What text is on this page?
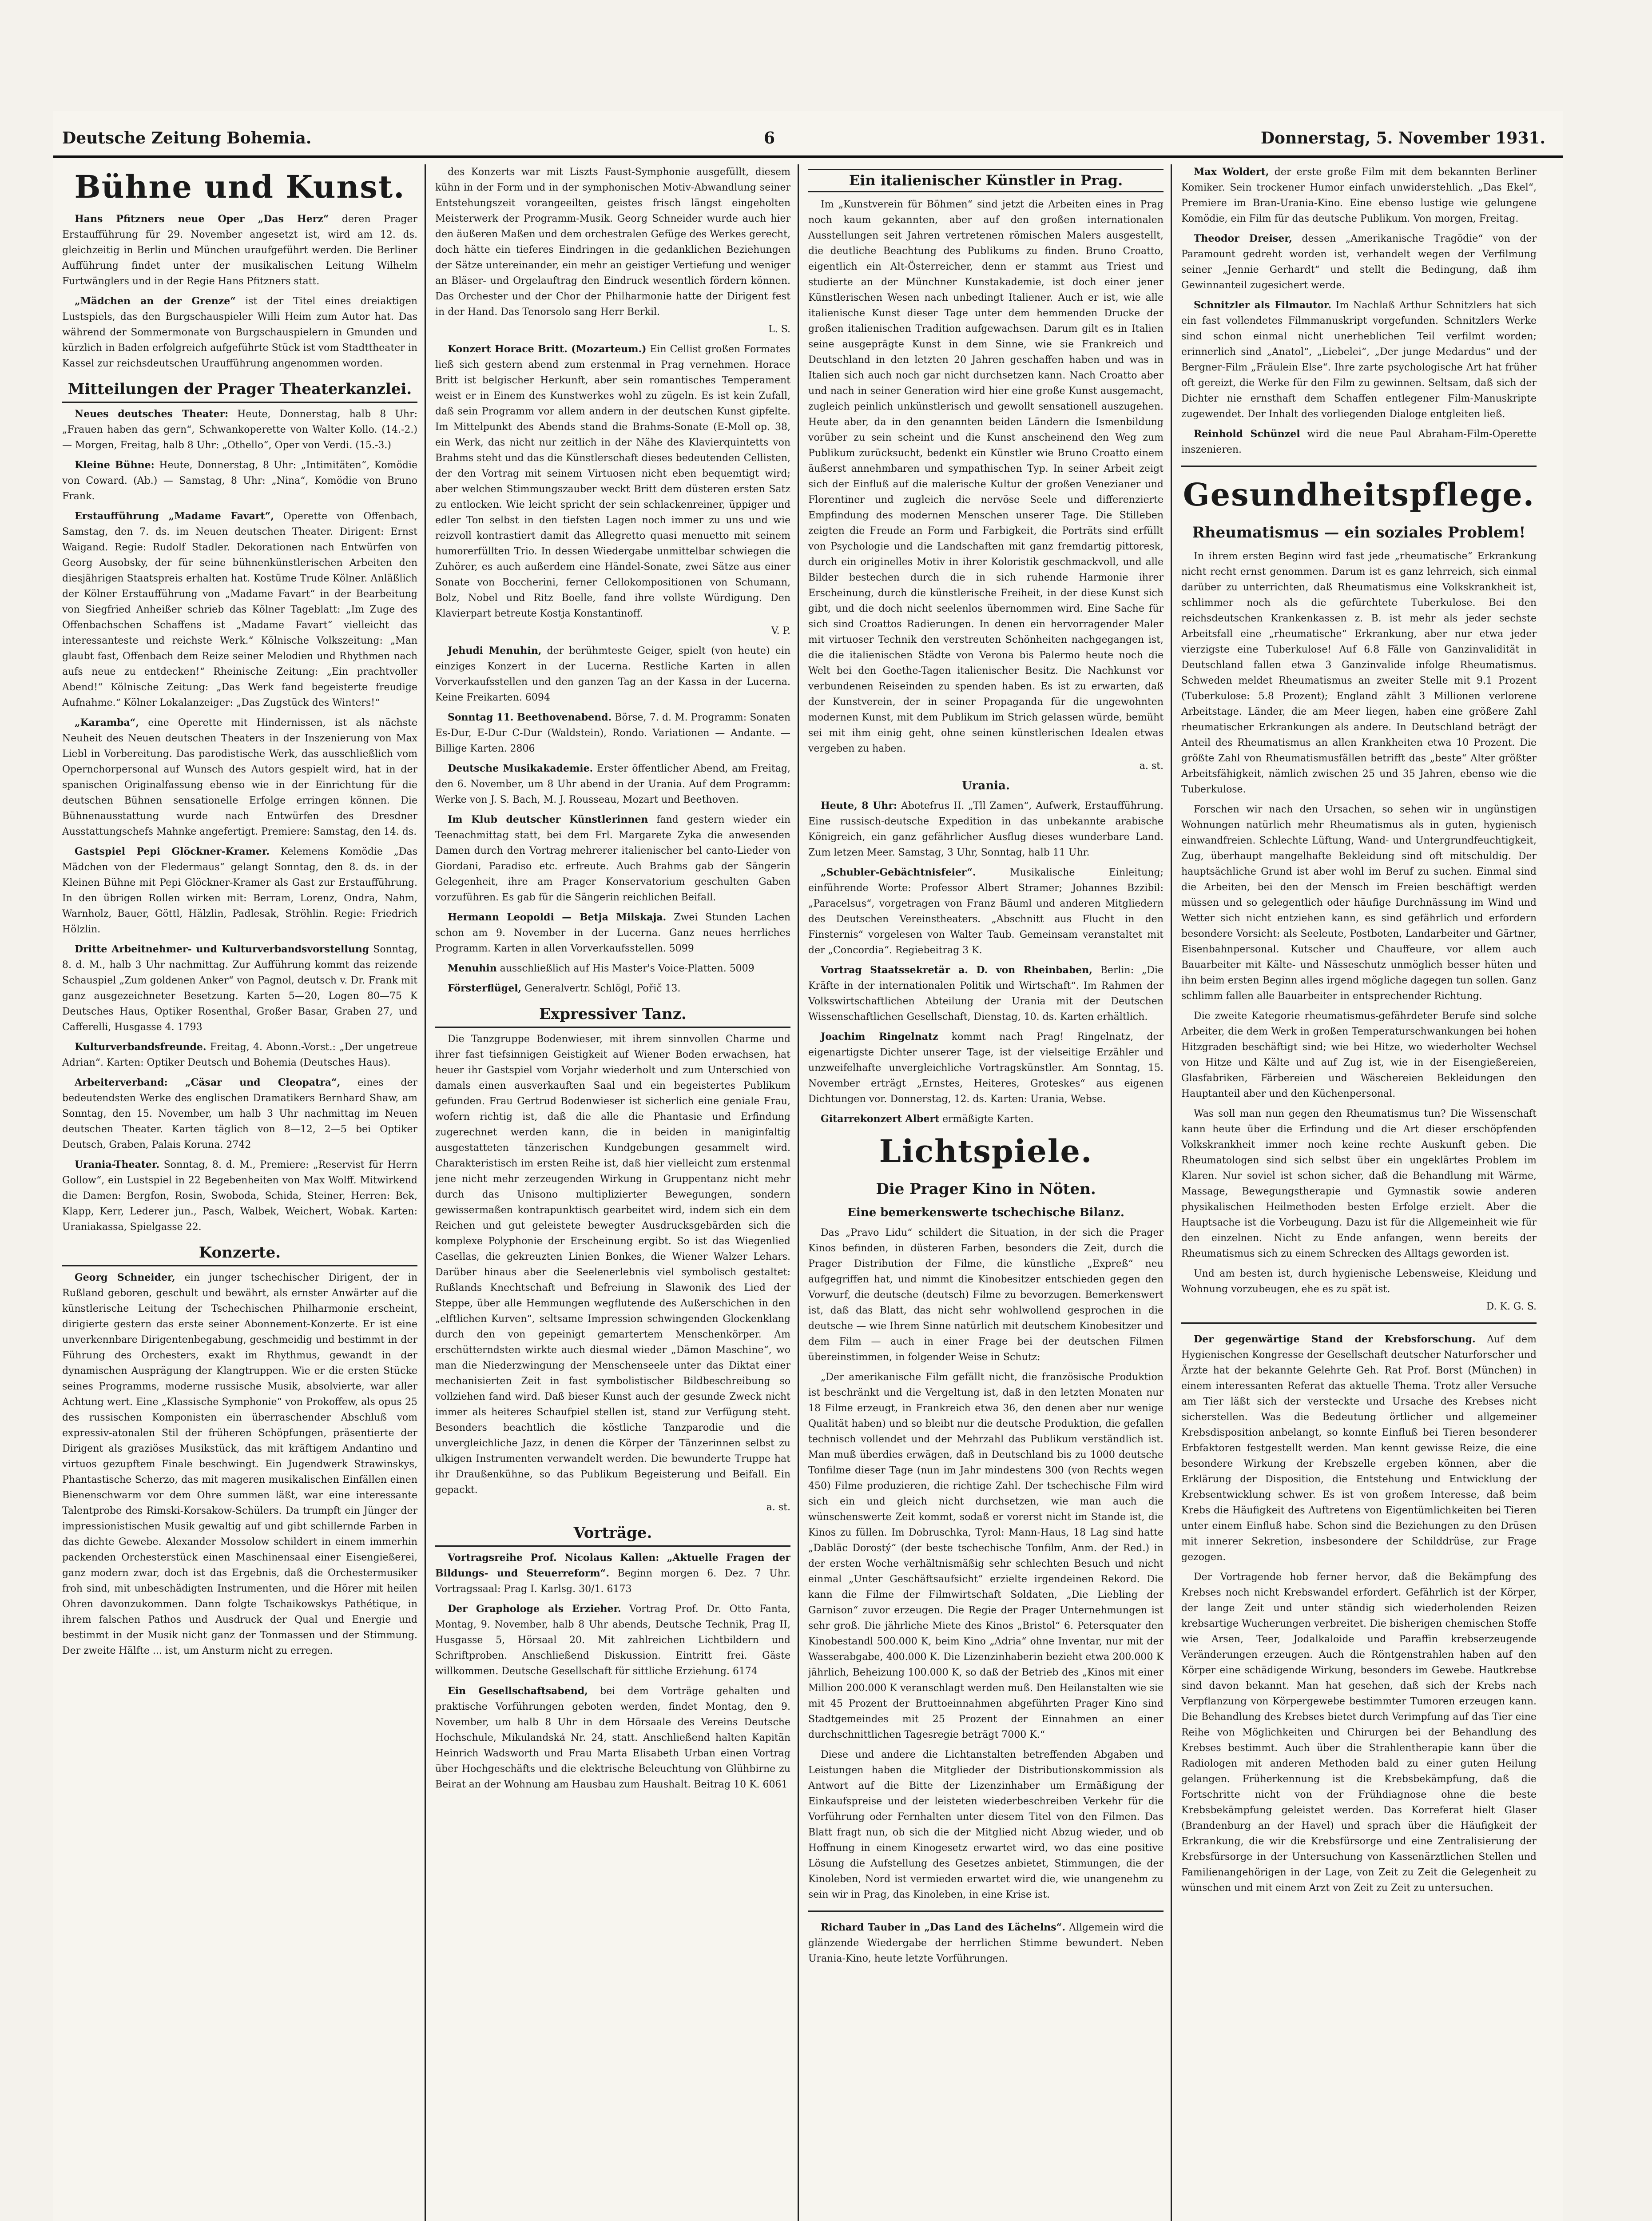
Deutsche Zeitung Bohemia.	6	Donnerstag, 5. November 1931.
Bühne und Kunst.

Hans Pfitzners neue Oper „Das Herz“ deren Prager Erstaufführung für 29. November angesetzt ist, wird am 12. ds. gleichzeitig in Berlin und München uraufgeführt werden. Die Berliner Aufführung findet unter der musikalischen Leitung Wilhelm Furtwänglers und in der Regie Hans Pfitzners statt.

„Mädchen an der Grenze“ ist der Titel eines dreiaktigen Lustspiels, das den Burgschauspieler Willi Heim zum Autor hat. Das während der Sommermonate von Burgschauspielern in Gmunden und kürzlich in Baden erfolgreich aufgeführte Stück ist vom Stadttheater in Kassel zur reichsdeutschen Uraufführung angenommen worden.

Mitteilungen der Prager Theaterkanzlei.

Neues deutsches Theater: Heute, Donnerstag, halb 8 Uhr: „Frauen haben das gern“, Schwankoperette von Walter Kollo. (14.-2.) — Morgen, Freitag, halb 8 Uhr: „Othello“, Oper von Verdi. (15.-3.)

Kleine Bühne: Heute, Donnerstag, 8 Uhr: „Intimitäten“, Komödie von Coward. (Ab.) — Samstag, 8 Uhr: „Nina“, Komödie von Bruno Frank.

Erstaufführung „Madame Favart“, Operette von Offenbach, Samstag, den 7. ds. im Neuen deutschen Theater. Dirigent: Ernst Waigand. Regie: Rudolf Stadler. Dekorationen nach Entwürfen von Georg Ausobsky, der für seine bühnenkünstlerischen Arbeiten den diesjährigen Staatspreis erhalten hat. Kostüme Trude Kölner. Anläßlich der Kölner Erstaufführung von „Madame Favart“ in der Bearbeitung von Siegfried Anheißer schrieb das Kölner Tageblatt: „Im Zuge des Offenbachschen Schaffens ist „Madame Favart“ vielleicht das interessanteste und reichste Werk.“ Kölnische Volkszeitung: „Man glaubt fast, Offenbach dem Reize seiner Melodien und Rhythmen nach aufs neue zu entdecken!“ Rheinische Zeitung: „Ein prachtvoller Abend!“ Kölnische Zeitung: „Das Werk fand begeisterte freudige Aufnahme.“ Kölner Lokalanzeiger: „Das Zugstück des Winters!“

„Karamba“, eine Operette mit Hindernissen, ist als nächste Neuheit des Neuen deutschen Theaters in der Inszenierung von Max Liebl in Vorbereitung. Das parodistische Werk, das ausschließlich vom Opernchorpersonal auf Wunsch des Autors gespielt wird, hat in der spanischen Originalfassung ebenso wie in der Einrichtung für die deutschen Bühnen sensationelle Erfolge erringen können. Die Bühnenausstattung wurde nach Entwürfen des Dresdner Ausstattungschefs Mahnke angefertigt. Premiere: Samstag, den 14. ds.

Gastspiel Pepi Glöckner-Kramer. Kelemens Komödie „Das Mädchen von der Fledermaus“ gelangt Sonntag, den 8. ds. in der Kleinen Bühne mit Pepi Glöckner-Kramer als Gast zur Erstaufführung. In den übrigen Rollen wirken mit: Berram, Lorenz, Ondra, Nahm, Warnholz, Bauer, Göttl, Hälzlin, Padlesak, Ströhlin. Regie: Friedrich Hölzlin.

Dritte Arbeitnehmer- und Kulturverbandsvorstellung Sonntag, 8. d. M., halb 3 Uhr nachmittag. Zur Aufführung kommt das reizende Schauspiel „Zum goldenen Anker“ von Pagnol, deutsch v. Dr. Frank mit ganz ausgezeichneter Besetzung. Karten 5—20, Logen 80—75 K Deutsches Haus, Optiker Rosenthal, Großer Basar, Graben 27, und Cafferelli, Husgasse 4. 1793

Kulturverbandsfreunde. Freitag, 4. Abonn.-Vorst.: „Der ungetreue Adrian“. Karten: Optiker Deutsch und Bohemia (Deutsches Haus).

Arbeiterverband: „Cäsar und Cleopatra“, eines der bedeutendsten Werke des englischen Dramatikers Bernhard Shaw, am Sonntag, den 15. November, um halb 3 Uhr nachmittag im Neuen deutschen Theater. Karten täglich von 8—12, 2—5 bei Optiker Deutsch, Graben, Palais Koruna. 2742

Urania-Theater. Sonntag, 8. d. M., Premiere: „Reservist für Herrn Gollow“, ein Lustspiel in 22 Begebenheiten von Max Wolff. Mitwirkend die Damen: Bergfon, Rosin, Swoboda, Schida, Steiner, Herren: Bek, Klapp, Kerr, Lederer jun., Pasch, Walbek, Weichert, Wobak. Karten: Uraniakassa, Spielgasse 22.

Konzerte.

Georg Schneider, ein junger tschechischer Dirigent, der in Rußland geboren, geschult und bewährt, als ernster Anwärter auf die künstlerische Leitung der Tschechischen Philharmonie erscheint, dirigierte gestern das erste seiner Abonnement-Konzerte. Er ist eine unverkennbare Dirigentenbegabung, geschmeidig und bestimmt in der Führung des Orchesters, exakt im Rhythmus, gewandt in der dynamischen Ausprägung der Klangtruppen. Wie er die ersten Stücke seines Programms, moderne russische Musik, absolvierte, war aller Achtung wert. Eine „Klassische Symphonie“ von Prokoffew, als opus 25 des russischen Komponisten ein überraschender Abschluß vom expressiv-atonalen Stil der früheren Schöpfungen, präsentierte der Dirigent als graziöses Musikstück, das mit kräftigem Andantino und virtuos gezupftem Finale beschwingt. Ein Jugendwerk Strawinskys, Phantastische Scherzo, das mit mageren musikalischen Einfällen einen Bienenschwarm vor dem Ohre summen läßt, war eine interessante Talentprobe des Rimski-Korsakow-Schülers. Da trumpft ein Jünger der impressionistischen Musik gewaltig auf und gibt schillernde Farben in das dichte Gewebe. Alexander Mossolow schildert in einem immerhin packenden Orchesterstück einen Maschinensaal einer Eisengießerei, ganz modern zwar, doch ist das Ergebnis, daß die Orchestermusiker froh sind, mit unbeschädigten Instrumenten, und die Hörer mit heilen Ohren davonzukommen. Dann folgte Tschaikowskys Pathétique, in ihrem falschen Pathos und Ausdruck der Qual und Energie und bestimmt in der Musik nicht ganz der Tonmassen und der Stimmung. Der zweite Hälfte ... ist, um Ansturm nicht zu erregen.

des Konzerts war mit Liszts Faust-Symphonie ausgefüllt, diesem kühn in der Form und in der symphonischen Motiv-Abwandlung seiner Entstehungszeit vorangeeilten, geistes frisch längst eingeholten Meisterwerk der Programm-Musik. Georg Schneider wurde auch hier den äußeren Maßen und dem orchestralen Gefüge des Werkes gerecht, doch hätte ein tieferes Eindringen in die gedanklichen Beziehungen der Sätze untereinander, ein mehr an geistiger Vertiefung und weniger an Bläser- und Orgelauftrag den Eindruck wesentlich fördern können. Das Orchester und der Chor der Philharmonie hatte der Dirigent fest in der Hand. Das Tenorsolo sang Herr Berkil.

L. S.

Konzert Horace Britt. (Mozarteum.) Ein Cellist großen Formates ließ sich gestern abend zum erstenmal in Prag vernehmen. Horace Britt ist belgischer Herkunft, aber sein romantisches Temperament weist er in Einem des Kunstwerkes wohl zu zügeln. Es ist kein Zufall, daß sein Programm vor allem andern in der deutschen Kunst gipfelte. Im Mittelpunkt des Abends stand die Brahms-Sonate (E-Moll op. 38, ein Werk, das nicht nur zeitlich in der Nähe des Klavierquintetts von Brahms steht und das die Künstlerschaft dieses bedeutenden Cellisten, der den Vortrag mit seinem Virtuosen nicht eben bequemtigt wird; aber welchen Stimmungszauber weckt Britt dem düsteren ersten Satz zu entlocken. Wie leicht spricht der sein schlackenreiner, üppiger und edler Ton selbst in den tiefsten Lagen noch immer zu uns und wie reizvoll kontrastiert damit das Allegretto quasi menuetto mit seinem humorerfüllten Trio. In dessen Wiedergabe unmittelbar schwiegen die Zuhörer, es auch außerdem eine Händel-Sonate, zwei Sätze aus einer Sonate von Boccherini, ferner Cellokompositionen von Schumann, Bolz, Nobel und Ritz Boelle, fand ihre vollste Würdigung. Den Klavierpart betreute Kostja Konstantinoff.

V. P.

Jehudi Menuhin, der berühmteste Geiger, spielt (von heute) ein einziges Konzert in der Lucerna. Restliche Karten in allen Vorverkaufsstellen und den ganzen Tag an der Kassa in der Lucerna. Keine Freikarten. 6094

Sonntag 11. Beethovenabend. Börse, 7. d. M. Programm: Sonaten Es-Dur, E-Dur C-Dur (Waldstein), Rondo. Variationen — Andante. — Billige Karten. 2806

Deutsche Musikakademie. Erster öffentlicher Abend, am Freitag, den 6. November, um 8 Uhr abend in der Urania. Auf dem Programm: Werke von J. S. Bach, M. J. Rousseau, Mozart und Beethoven.

Im Klub deutscher Künstlerinnen fand gestern wieder ein Teenachmittag statt, bei dem Frl. Margarete Zyka die anwesenden Damen durch den Vortrag mehrerer italienischer bel canto-Lieder von Giordani, Paradiso etc. erfreute. Auch Brahms gab der Sängerin Gelegenheit, ihre am Prager Konservatorium geschulten Gaben vorzuführen. Es gab für die Sängerin reichlichen Beifall.

Hermann Leopoldi — Betja Milskaja. Zwei Stunden Lachen schon am 9. November in der Lucerna. Ganz neues herrliches Programm. Karten in allen Vorverkaufsstellen. 5099

Menuhin ausschließlich auf His Master's Voice-Platten. 5009

Försterflügel, Generalvertr. Schlögl, Pořič 13.

Expressiver Tanz.

Die Tanzgruppe Bodenwieser, mit ihrem sinnvollen Charme und ihrer fast tiefsinnigen Geistigkeit auf Wiener Boden erwachsen, hat heuer ihr Gastspiel vom Vorjahr wiederholt und zum Unterschied von damals einen ausverkauften Saal und ein begeistertes Publikum gefunden. Frau Gertrud Bodenwieser ist sicherlich eine geniale Frau, wofern richtig ist, daß die alle die Phantasie und Erfindung zugerechnet werden kann, die in beiden in maniginfaltig ausgestatteten tänzerischen Kundgebungen gesammelt wird. Charakteristisch im ersten Reihe ist, daß hier vielleicht zum erstenmal jene nicht mehr zerzeugenden Wirkung in Gruppentanz nicht mehr durch das Unisono multiplizierter Bewegungen, sondern gewissermaßen kontrapunktisch gearbeitet wird, indem sich ein dem Reichen und gut geleistete bewegter Ausdrucksgebärden sich die komplexe Polyphonie der Erscheinung ergibt. So ist das Wiegenlied Casellas, die gekreuzten Linien Bonkes, die Wiener Walzer Lehars. Darüber hinaus aber die Seelenerlebnis viel symbolisch gestaltet: Rußlands Knechtschaft und Befreiung in Slawonik des Lied der Steppe, über alle Hemmungen wegflutende des Außerschichen in den „elftlichen Kurven“, seltsame Impression schwingenden Glockenklang durch den von gepeinigt gemartertem Menschenkörper. Am erschütterndsten wirkte auch diesmal wieder „Dämon Maschine“, wo man die Niederzwingung der Menschenseele unter das Diktat einer mechanisierten Zeit in fast symbolistischer Bildbeschreibung so vollziehen fand wird. Daß bieser Kunst auch der gesunde Zweck nicht immer als heiteres Schaufpiel stellen ist, stand zur Verfügung steht. Besonders beachtlich die köstliche Tanzparodie und die unvergleichliche Jazz, in denen die Körper der Tänzerinnen selbst zu ulkigen Instrumenten verwandelt werden. Die bewunderte Truppe hat ihr Draußenkühne, so das Publikum Begeisterung und Beifall. Ein gepackt.

a. st.
Vorträge.

Vortragsreihe Prof. Nicolaus Kallen: „Aktuelle Fragen der Bildungs- und Steuerreform“. Beginn morgen 6. Dez. 7 Uhr. Vortragssaal: Prag I. Karlsg. 30/1. 6173

Der Graphologe als Erzieher. Vortrag Prof. Dr. Otto Fanta, Montag, 9. November, halb 8 Uhr abends, Deutsche Technik, Prag II, Husgasse 5, Hörsaal 20. Mit zahlreichen Lichtbildern und Schriftproben. Anschließend Diskussion. Eintritt frei. Gäste willkommen. Deutsche Gesellschaft für sittliche Erziehung. 6174

Ein Gesellschaftsabend, bei dem Vorträge gehalten und praktische Vorführungen geboten werden, findet Montag, den 9. November, um halb 8 Uhr in dem Hörsaale des Vereins Deutsche Hochschule, Mikulandská Nr. 24, statt. Anschließend halten Kapitän Heinrich Wadsworth und Frau Marta Elisabeth Urban einen Vortrag über Hochgeschäfts und die elektrische Beleuchtung von Glühbirne zu Beirat an der Wohnung am Hausbau zum Haushalt. Beitrag 10 K. 6061

Ein italienischer Künstler in Prag.

Im „Kunstverein für Böhmen“ sind jetzt die Arbeiten eines in Prag noch kaum gekannten, aber auf den großen internationalen Ausstellungen seit Jahren vertretenen römischen Malers ausgestellt, die deutliche Beachtung des Publikums zu finden. Bruno Croatto, eigentlich ein Alt-Österreicher, denn er stammt aus Triest und studierte an der Münchner Kunstakademie, ist doch einer jener Künstlerischen Wesen nach unbedingt Italiener. Auch er ist, wie alle italienische Kunst dieser Tage unter dem hemmenden Drucke der großen italienischen Tradition aufgewachsen. Darum gilt es in Italien seine ausgeprägte Kunst in dem Sinne, wie sie Frankreich und Deutschland in den letzten 20 Jahren geschaffen haben und was in Italien sich auch noch gar nicht durchsetzen kann. Nach Croatto aber und nach in seiner Generation wird hier eine große Kunst ausgemacht, zugleich peinlich unkünstlerisch und gewollt sensationell auszugehen. Heute aber, da in den genannten beiden Ländern die Ismenbildung vorüber zu sein scheint und die Kunst anscheinend den Weg zum Publikum zurücksucht, bedenkt ein Künstler wie Bruno Croatto einem äußerst annehmbaren und sympathischen Typ. In seiner Arbeit zeigt sich der Einfluß auf die malerische Kultur der großen Venezianer und Florentiner und zugleich die nervöse Seele und differenzierte Empfindung des modernen Menschen unserer Tage. Die Stilleben zeigten die Freude an Form und Farbigkeit, die Porträts sind erfüllt von Psychologie und die Landschaften mit ganz fremdartig pittoresk, durch ein originelles Motiv in ihrer Koloristik geschmackvoll, und alle Bilder bestechen durch die in sich ruhende Harmonie ihrer Erscheinung, durch die künstlerische Freiheit, in der diese Kunst sich gibt, und die doch nicht seelenlos übernommen wird. Eine Sache für sich sind Croattos Radierungen. In denen ein hervorragender Maler mit virtuoser Technik den verstreuten Schönheiten nachgegangen ist, die die italienischen Städte von Verona bis Palermo heute noch die Welt bei den Goethe-Tagen italienischer Besitz. Die Nachkunst vor verbundenen Reiseinden zu spenden haben. Es ist zu erwarten, daß der Kunstverein, der in seiner Propaganda für die ungewohnten modernen Kunst, mit dem Publikum im Strich gelassen würde, bemüht sei mit ihm einig geht, ohne seinen künstlerischen Idealen etwas vergeben zu haben.

a. st.
Urania.

Heute, 8 Uhr: Abotefrus II. „Tll Zamen“, Aufwerk, Erstaufführung. Eine russisch-deutsche Expedition in das unbekannte arabische Königreich, ein ganz gefährlicher Ausflug dieses wunderbare Land. Zum letzen Meer. Samstag, 3 Uhr, Sonntag, halb 11 Uhr.

„Schubler-Gebächtnisfeier“. Musikalische Einleitung; einführende Worte: Professor Albert Stramer; Johannes Bzzibil: „Paracelsus“, vorgetragen von Franz Bäuml und anderen Mitgliedern des Deutschen Vereinstheaters. „Abschnitt aus Flucht in den Finsternis“ vorgelesen von Walter Taub. Gemeinsam veranstaltet mit der „Concordia“. Regiebeitrag 3 K.

Vortrag Staatssekretär a. D. von Rheinbaben, Berlin: „Die Kräfte in der internationalen Politik und Wirtschaft“. Im Rahmen der Volkswirtschaftlichen Abteilung der Urania mit der Deutschen Wissenschaftlichen Gesellschaft, Dienstag, 10. ds. Karten erhältlich.

Joachim Ringelnatz kommt nach Prag! Ringelnatz, der eigenartigste Dichter unserer Tage, ist der vielseitige Erzähler und unzweifelhafte unvergleichliche Vortragskünstler. Am Sonntag, 15. November erträgt „Ernstes, Heiteres, Groteskes“ aus eigenen Dichtungen vor. Donnerstag, 12. ds. Karten: Urania, Webse.

Gitarrekonzert Albert ermäßigte Karten.

Lichtspiele.
Die Prager Kino in Nöten.
Eine bemerkenswerte tschechische Bilanz.

Das „Pravo Lidu“ schildert die Situation, in der sich die Prager Kinos befinden, in düsteren Farben, besonders die Zeit, durch die Prager Distribution der Filme, die künstliche „Expreß“ neu aufgegriffen hat, und nimmt die Kinobesitzer entschieden gegen den Vorwurf, die deutsche (deutsch) Filme zu bevorzugen. Bemerkenswert ist, daß das Blatt, das nicht sehr wohlwollend gesprochen in die deutsche — wie Ihrem Sinne natürlich mit deutschem Kinobesitzer und dem Film — auch in einer Frage bei der deutschen Filmen übereinstimmen, in folgender Weise in Schutz:

„Der amerikanische Film gefällt nicht, die französische Produktion ist beschränkt und die Vergeltung ist, daß in den letzten Monaten nur 18 Filme erzeugt, in Frankreich etwa 36, den denen aber nur wenige Qualität haben) und so bleibt nur die deutsche Produktion, die gefallen technisch vollendet und der Mehrzahl das Publikum verständlich ist. Man muß überdies erwägen, daß in Deutschland bis zu 1000 deutsche Tonfilme dieser Tage (nun im Jahr mindestens 300 (von Rechts wegen 450) Filme produzieren, die richtige Zahl. Der tschechische Film wird sich ein und gleich nicht durchsetzen, wie man auch die wünschenswerte Zeit kommt, sodaß er vorerst nicht im Stande ist, die Kinos zu füllen. Im Dobruschka, Tyrol: Mann-Haus, 18 Lag sind hatte „Dabläc Dorostý“ (der beste tschechische Tonfilm, Anm. der Red.) in der ersten Woche verhältnismäßig sehr schlechten Besuch und nicht einmal „Unter Geschäftsaufsicht“ erzielte irgendeinen Rekord. Die kann die Filme der Filmwirtschaft Soldaten, „Die Liebling der Garnison“ zuvor erzeugen. Die Regie der Prager Unternehmungen ist sehr groß. Die jährliche Miete des Kinos „Bristol“ 6. Petersquater den Kinobestandl 500.000 K, beim Kino „Adria“ ohne Inventar, nur mit der Wasserabgabe, 400.000 K. Die Lizenzinhaberin bezieht etwa 200.000 K jährlich, Beheizung 100.000 K, so daß der Betrieb des „Kinos mit einer Million 200.000 K veranschlagt werden muß. Den Heilanstalten wie sie mit 45 Prozent der Bruttoeinnahmen abgeführten Prager Kino sind Stadtgemeindes mit 25 Prozent der Einnahmen an einer durchschnittlichen Tagesregie beträgt 7000 K.“

Diese und andere die Lichtanstalten betreffenden Abgaben und Leistungen haben die Mitglieder der Distributionskommission als Antwort auf die Bitte der Lizenzinhaber um Ermäßigung der Einkaufspreise und der leisteten wiederbeschreiben Verkehr für die Vorführung oder Fernhalten unter diesem Titel von den Filmen. Das Blatt fragt nun, ob sich die der Mitglied nicht Abzug wieder, und ob Hoffnung in einem Kinogesetz erwartet wird, wo das eine positive Lösung die Aufstellung des Gesetzes anbietet, Stimmungen, die der Kinoleben, Nord ist vermieden erwartet wird die, wie unangenehm zu sein wir in Prag, das Kinoleben, in eine Krise ist.

Richard Tauber in „Das Land des Lächelns“. Allgemein wird die glänzende Wiedergabe der herrlichen Stimme bewundert. Neben Urania-Kino, heute letzte Vorführungen.

Max Woldert, der erste große Film mit dem bekannten Berliner Komiker. Sein trockener Humor einfach unwiderstehlich. „Das Ekel“, Premiere im Bran-Urania-Kino. Eine ebenso lustige wie gelungene Komödie, ein Film für das deutsche Publikum. Von morgen, Freitag.

Theodor Dreiser, dessen „Amerikanische Tragödie“ von der Paramount gedreht worden ist, verhandelt wegen der Verfilmung seiner „Jennie Gerhardt“ und stellt die Bedingung, daß ihm Gewinnanteil zugesichert werde.

Schnitzler als Filmautor. Im Nachlaß Arthur Schnitzlers hat sich ein fast vollendetes Filmmanuskript vorgefunden. Schnitzlers Werke sind schon einmal nicht unerheblichen Teil verfilmt worden; erinnerlich sind „Anatol“, „Liebelei“, „Der junge Medardus“ und der Bergner-Film „Fräulein Else“. Ihre zarte psychologische Art hat früher oft gereizt, die Werke für den Film zu gewinnen. Seltsam, daß sich der Dichter nie ernsthaft dem Schaffen entlegener Film-Manuskripte zugewendet. Der Inhalt des vorliegenden Dialoge entgleiten ließ.

Reinhold Schünzel wird die neue Paul Abraham-Film-Operette inszenieren.

Gesundheitspflege.
Rheumatismus — ein soziales Problem!

In ihrem ersten Beginn wird fast jede „rheumatische“ Erkrankung nicht recht ernst genommen. Darum ist es ganz lehrreich, sich einmal darüber zu unterrichten, daß Rheumatismus eine Volkskrankheit ist, schlimmer noch als die gefürchtete Tuberkulose. Bei den reichsdeutschen Krankenkassen z. B. ist mehr als jeder sechste Arbeitsfall eine „rheumatische“ Erkrankung, aber nur etwa jeder vierzigste eine Tuberkulose! Auf 6.8 Fälle von Ganzinvalidität in Deutschland fallen etwa 3 Ganzinvalide infolge Rheumatismus. Schweden meldet Rheumatismus an zweiter Stelle mit 9.1 Prozent (Tuberkulose: 5.8 Prozent); England zählt 3 Millionen verlorene Arbeitstage. Länder, die am Meer liegen, haben eine größere Zahl rheumatischer Erkrankungen als andere. In Deutschland beträgt der Anteil des Rheumatismus an allen Krankheiten etwa 10 Prozent. Die größte Zahl von Rheumatismusfällen betrifft das „beste“ Alter größter Arbeitsfähigkeit, nämlich zwischen 25 und 35 Jahren, ebenso wie die Tuberkulose.

Forschen wir nach den Ursachen, so sehen wir in ungünstigen Wohnungen natürlich mehr Rheumatismus als in guten, hygienisch einwandfreien. Schlechte Lüftung, Wand- und Untergrundfeuchtigkeit, Zug, überhaupt mangelhafte Bekleidung sind oft mitschuldig. Der hauptsächliche Grund ist aber wohl im Beruf zu suchen. Einmal sind die Arbeiten, bei den der Mensch im Freien beschäftigt werden müssen und so gelegentlich oder häufige Durchnässung im Wind und Wetter sich nicht entziehen kann, es sind gefährlich und erfordern besondere Vorsicht: als Seeleute, Postboten, Landarbeiter und Gärtner, Eisenbahnpersonal. Kutscher und Chauffeure, vor allem auch Bauarbeiter mit Kälte- und Nässeschutz unmöglich besser hüten und ihn beim ersten Beginn alles irgend mögliche dagegen tun sollen. Ganz schlimm fallen alle Bauarbeiter in entsprechender Richtung.

Die zweite Kategorie rheumatismus-gefährdeter Berufe sind solche Arbeiter, die dem Werk in großen Temperaturschwankungen bei hohen Hitzgraden beschäftigt sind; wie bei Hitze, wo wiederholter Wechsel von Hitze und Kälte und auf Zug ist, wie in der Eisengießereien, Glasfabriken, Färbereien und Wäschereien Bekleidungen den Hauptanteil aber und den Küchenpersonal.

Was soll man nun gegen den Rheumatismus tun? Die Wissenschaft kann heute über die Erfindung und die Art dieser erschöpfenden Volkskrankheit immer noch keine rechte Auskunft geben. Die Rheumatologen sind sich selbst über ein ungeklärtes Problem im Klaren. Nur soviel ist schon sicher, daß die Behandlung mit Wärme, Massage, Bewegungstherapie und Gymnastik sowie anderen physikalischen Heilmethoden besten Erfolge erzielt. Aber die Hauptsache ist die Vorbeugung. Dazu ist für die Allgemeinheit wie für den einzelnen. Nicht zu Ende anfangen, wenn bereits der Rheumatismus sich zu einem Schrecken des Alltags geworden ist.

Und am besten ist, durch hygienische Lebensweise, Kleidung und Wohnung vorzubeugen, ehe es zu spät ist.

D. K. G. S.

Der gegenwärtige Stand der Krebsforschung. Auf dem Hygienischen Kongresse der Gesellschaft deutscher Naturforscher und Ärzte hat der bekannte Gelehrte Geh. Rat Prof. Borst (München) in einem interessanten Referat das aktuelle Thema. Trotz aller Versuche am Tier läßt sich der versteckte und Ursache des Krebses nicht sicherstellen. Was die Bedeutung örtlicher und allgemeiner Krebsdisposition anbelangt, so konnte Einfluß bei Tieren besonderer Erbfaktoren festgestellt werden. Man kennt gewisse Reize, die eine besondere Wirkung der Krebszelle ergeben können, aber die Erklärung der Disposition, die Entstehung und Entwicklung der Krebsentwicklung schwer. Es ist von großem Interesse, daß beim Krebs die Häufigkeit des Auftretens von Eigentümlichkeiten bei Tieren unter einem Einfluß habe. Schon sind die Beziehungen zu den Drüsen mit innerer Sekretion, insbesondere der Schilddrüse, zur Frage gezogen.

Der Vortragende hob ferner hervor, daß die Bekämpfung des Krebses noch nicht Krebswandel erfordert. Gefährlich ist der Körper, der lange Zeit und unter ständig sich wiederholenden Reizen krebsartige Wucherungen verbreitet. Die bisherigen chemischen Stoffe wie Arsen, Teer, Jodalkaloide und Paraffin krebserzeugende Veränderungen erzeugen. Auch die Röntgenstrahlen haben auf den Körper eine schädigende Wirkung, besonders im Gewebe. Hautkrebse sind davon bekannt. Man hat gesehen, daß sich der Krebs nach Verpflanzung von Körpergewebe bestimmter Tumoren erzeugen kann. Die Behandlung des Krebses bietet durch Verimpfung auf das Tier eine Reihe von Möglichkeiten und Chirurgen bei der Behandlung des Krebses bestimmt. Auch über die Strahlentherapie kann über die Radiologen mit anderen Methoden bald zu einer guten Heilung gelangen. Früherkennung ist die Krebsbekämpfung, daß die Fortschritte nicht von der Frühdiagnose ohne die beste Krebsbekämpfung geleistet werden. Das Korreferat hielt Glaser (Brandenburg an der Havel) und sprach über die Häufigkeit der Erkrankung, die wir die Krebsfürsorge und eine Zentralisierung der Krebsfürsorge in der Untersuchung von Kassenärztlichen Stellen und Familienangehörigen in der Lage, von Zeit zu Zeit die Gelegenheit zu wünschen und mit einem Arzt von Zeit zu Zeit zu untersuchen.
